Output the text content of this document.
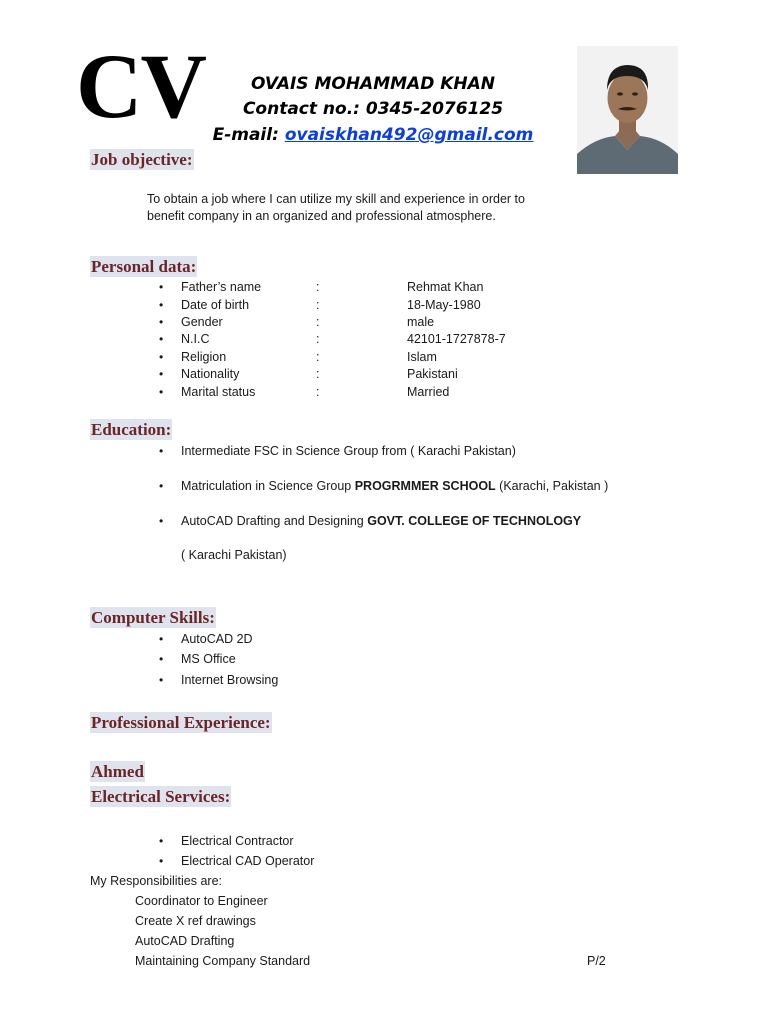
CV	OVAIS MOHAMMAD KHAN
Contact no.: 0345-2076125
E-mail: ovaiskhan492@gmail.com
Job objective:
To obtain a job where I can utilize my skill and experience in order to
benefit company in an organized and professional atmosphere.
Personal data:
• Father’s name	:	Rehmat Khan
• Date of birth	:	18-May-1980
• Gender	:	male
• N.I.C	:	42101-1727878-7
• Religion	:	Islam
• Nationality	:	Pakistani
• Marital status	:	Married
Education:
• Intermediate FSC in Science Group from ( Karachi Pakistan)
• Matriculation in Science Group PROGRMMER SCHOOL (Karachi, Pakistan )
• AutoCAD Drafting and Designing GOVT. COLLEGE OF TECHNOLOGY
( Karachi Pakistan)
Computer Skills:
• AutoCAD 2D
• MS Office
• Internet Browsing
Professional Experience:
Ahmed
Electrical Services:
• Electrical Contractor
• Electrical CAD Operator
My Responsibilities are:
Coordinator to Engineer
Create X ref drawings
AutoCAD Drafting
Maintaining Company Standard	P/2
